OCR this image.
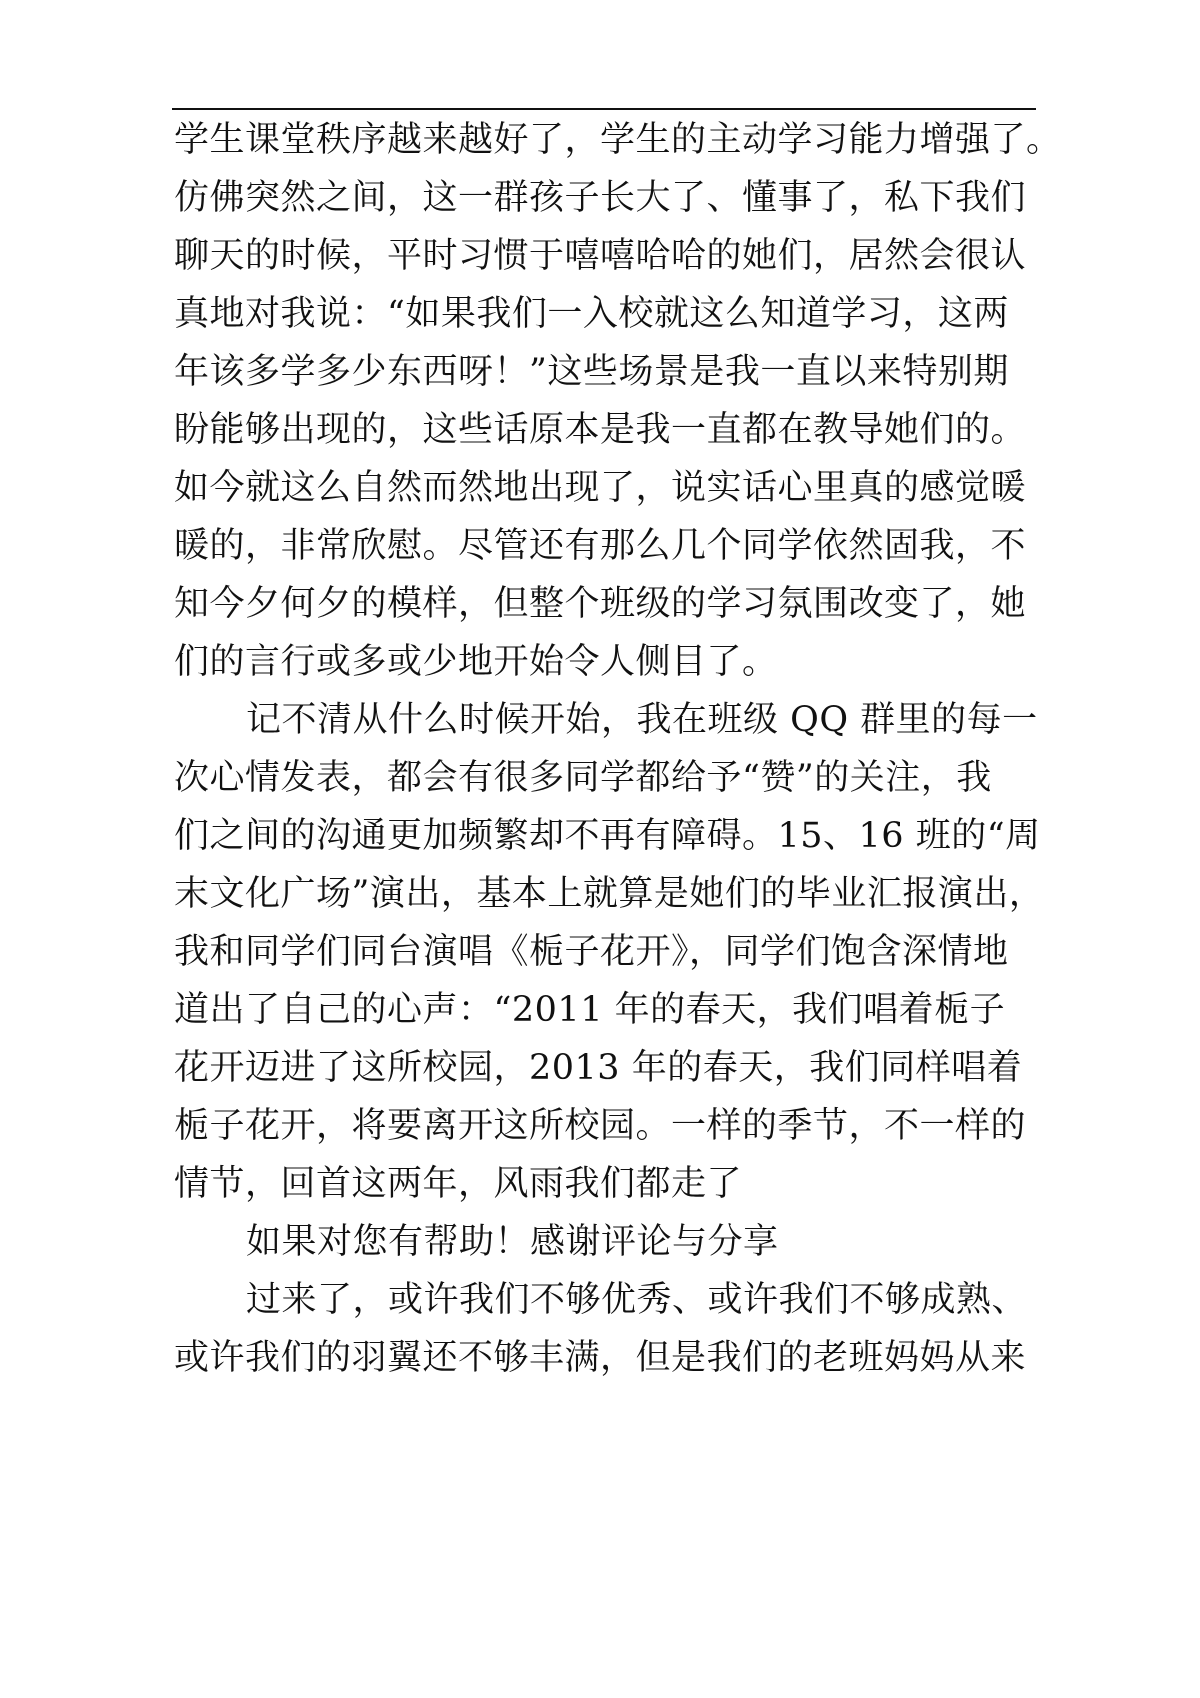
学生课堂秩序越来越好了，学生的主动学习能力增强了。
仿佛突然之间，这一群孩子长大了、懂事了，私下我们
聊天的时候，平时习惯于嘻嘻哈哈的她们，居然会很认
真地对我说：“如果我们一入校就这么知道学习，这两
年该多学多少东西呀！”这些场景是我一直以来特别期
盼能够出现的，这些话原本是我一直都在教导她们的。
如今就这么自然而然地出现了，说实话心里真的感觉暖
暖的，非常欣慰。尽管还有那么几个同学依然固我，不
知今夕何夕的模样，但整个班级的学习氛围改变了，她
们的言行或多或少地开始令人侧目了。
记不清从什么时候开始，我在班级 QQ 群里的每一
次心情发表，都会有很多同学都给予“赞”的关注，我
们之间的沟通更加频繁却不再有障碍。15、16 班的“周
末文化广场”演出，基本上就算是她们的毕业汇报演出，
我和同学们同台演唱《栀子花开》，同学们饱含深情地
道出了自己的心声：“2011 年的春天，我们唱着栀子
花开迈进了这所校园，2013 年的春天，我们同样唱着
栀子花开，将要离开这所校园。一样的季节，不一样的
情节，回首这两年，风雨我们都走了
如果对您有帮助！感谢评论与分享
过来了，或许我们不够优秀、或许我们不够成熟、
或许我们的羽翼还不够丰满，但是我们的老班妈妈从来
